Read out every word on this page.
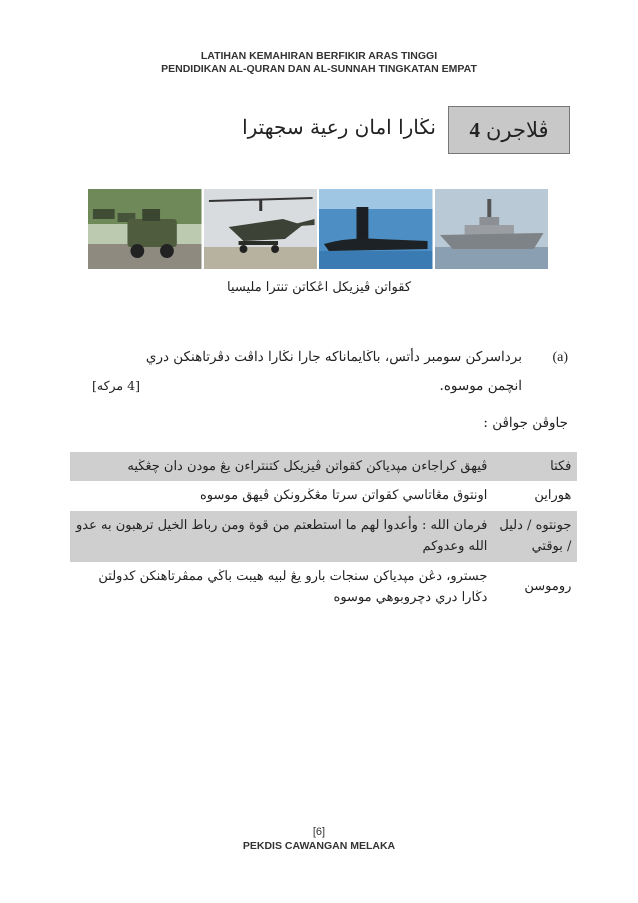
LATIHAN KEMAHIRAN BERFIKIR ARAS TINGGI
PENDIDIKAN AL-QURAN DAN AL-SUNNAH TINGKATAN EMPAT
ڤلاجرن
4
نڬارا امان رعية سجهترا
كقواتن ڤيزيكل اڠكاتن تنترا مليسيا
(a)
برداسركن سومبر دأتس، باڬايماناكه جارا نڬارا داڤت دڤرتاهنكن دري
انچمن موسوه.
[4 مركه]
جاوڤن جواڤن :
فكتا	ڤيهق كراجاءن مڽدياكن كقواتن ڤيزيكل كتنتراءن يڠ مودن دان چڠڬيه

هوراين	اونتوق مڠاتاسي كقواتن سرتا مڠڬرونكن ڤيهق موسوه

جونتوه / دليل
/ بوقتي	فرمان الله : وأعدوا لهم ما استطعتم من قوة ومن رباط الخيل ترهبون به عدو
الله وعدوكم

روموسن	جسترو، دڠن مڽدياكن سنجات بارو يڠ لبيه هيبت باڬي ممڤرتاهنكن كدولتن
دڬارا دري دچروبوهي موسوه
[6]
PEKDIS CAWANGAN MELAKA
